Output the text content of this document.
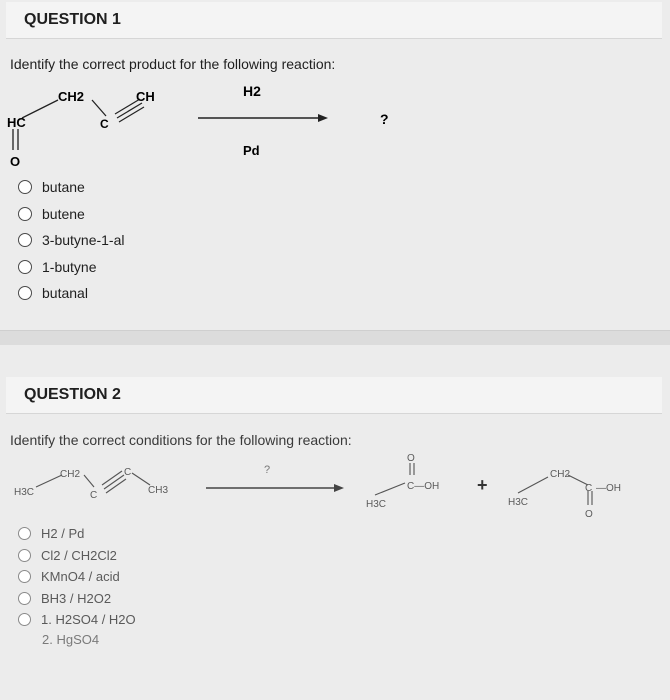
QUESTION 1
Identify the correct product for the following reaction:
HC
CH2
C
CH
O
H2
Pd
?
butane
butene
3-butyne-1-al
1-butyne
butanal
QUESTION 2
Identify the correct conditions for the following reaction:
H3C
CH2
C
C
CH3
O
C—OH
H3C
CH2
C —OH
H3C
O
?
+
H2 / Pd
Cl2 / CH2Cl2
KMnO4 / acid
BH3 / H2O2
1. H2SO4 / H2O
2. HgSO4
